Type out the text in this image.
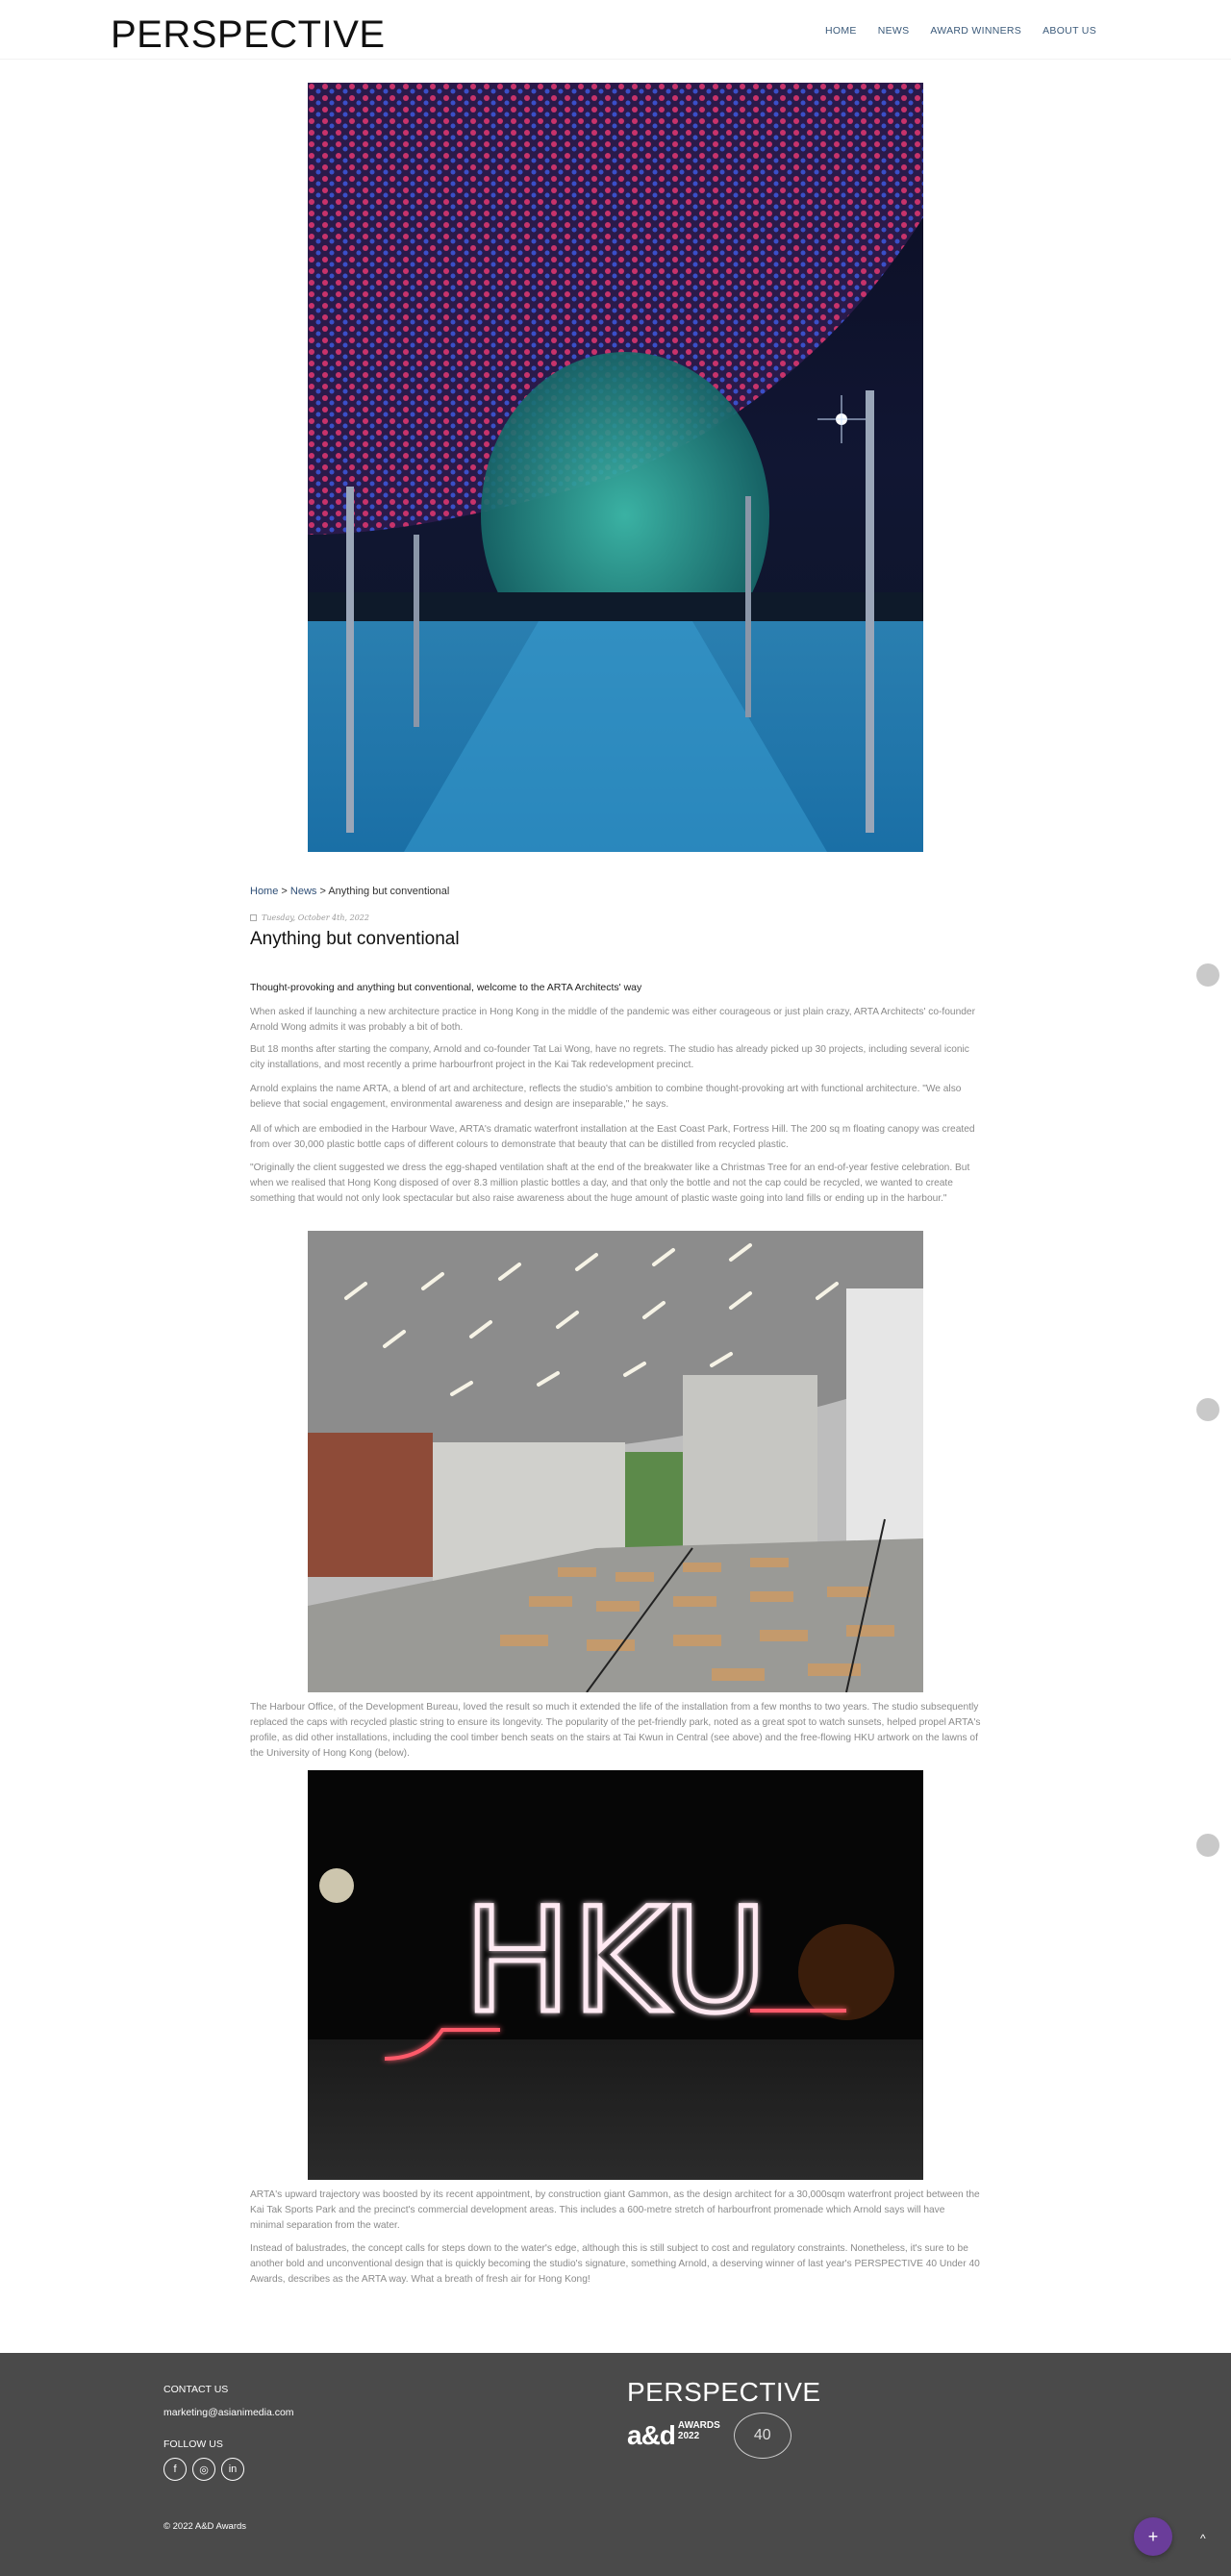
PERSPECTIVE	HOME NEWS AWARD WINNERS ABOUT US
Home > News > Anything but conventional
Tuesday, October 4th, 2022
Anything but conventional

Thought-provoking and anything but conventional, welcome to the ARTA Architects' way

When asked if launching a new architecture practice in Hong Kong in the middle of the pandemic was either courageous or just plain crazy, ARTA Architects' co-founder Arnold Wong admits it was probably a bit of both.

But 18 months after starting the company, Arnold and co-founder Tat Lai Wong, have no regrets. The studio has already picked up 30 projects, including several iconic city installations, and most recently a prime harbourfront project in the Kai Tak redevelopment precinct.

Arnold explains the name ARTA, a blend of art and architecture, reflects the studio's ambition to combine thought-provoking art with functional architecture. "We also believe that social engagement, environmental awareness and design are inseparable," he says.

All of which are embodied in the Harbour Wave, ARTA's dramatic waterfront installation at the East Coast Park, Fortress Hill. The 200 sq m floating canopy was created from over 30,000 plastic bottle caps of different colours to demonstrate that beauty that can be distilled from recycled plastic.

"Originally the client suggested we dress the egg-shaped ventilation shaft at the end of the breakwater like a Christmas Tree for an end-of-year festive celebration. But when we realised that Hong Kong disposed of over 8.3 million plastic bottles a day, and that only the bottle and not the cap could be recycled, we wanted to create something that would not only look spectacular but also raise awareness about the huge amount of plastic waste going into land fills or ending up in the harbour."

The Harbour Office, of the Development Bureau, loved the result so much it extended the life of the installation from a few months to two years. The studio subsequently replaced the caps with recycled plastic string to ensure its longevity. The popularity of the pet-friendly park, noted as a great spot to watch sunsets, helped propel ARTA's profile, as did other installations, including the cool timber bench seats on the stairs at Tai Kwun in Central (see above) and the free-flowing HKU artwork on the lawns of the University of Hong Kong (below).

HKU

ARTA's upward trajectory was boosted by its recent appointment, by construction giant Gammon, as the design architect for a 30,000sqm waterfront project between the Kai Tak Sports Park and the precinct's commercial development areas. This includes a 600-metre stretch of harbourfront promenade which Arnold says will have minimal separation from the water.

Instead of balustrades, the concept calls for steps down to the water's edge, although this is still subject to cost and regulatory constraints. Nonetheless, it's sure to be another bold and unconventional design that is quickly becoming the studio's signature, something Arnold, a deserving winner of last year's PERSPECTIVE 40 Under 40 Awards, describes as the ARTA way. What a breath of fresh air for Hong Kong!

CONTACT US
marketing@asianimedia.com
FOLLOW US
f	◎	in
© 2022 A&D Awards
PERSPECTIVE
a&d AWARDS
2022	40
+	^
